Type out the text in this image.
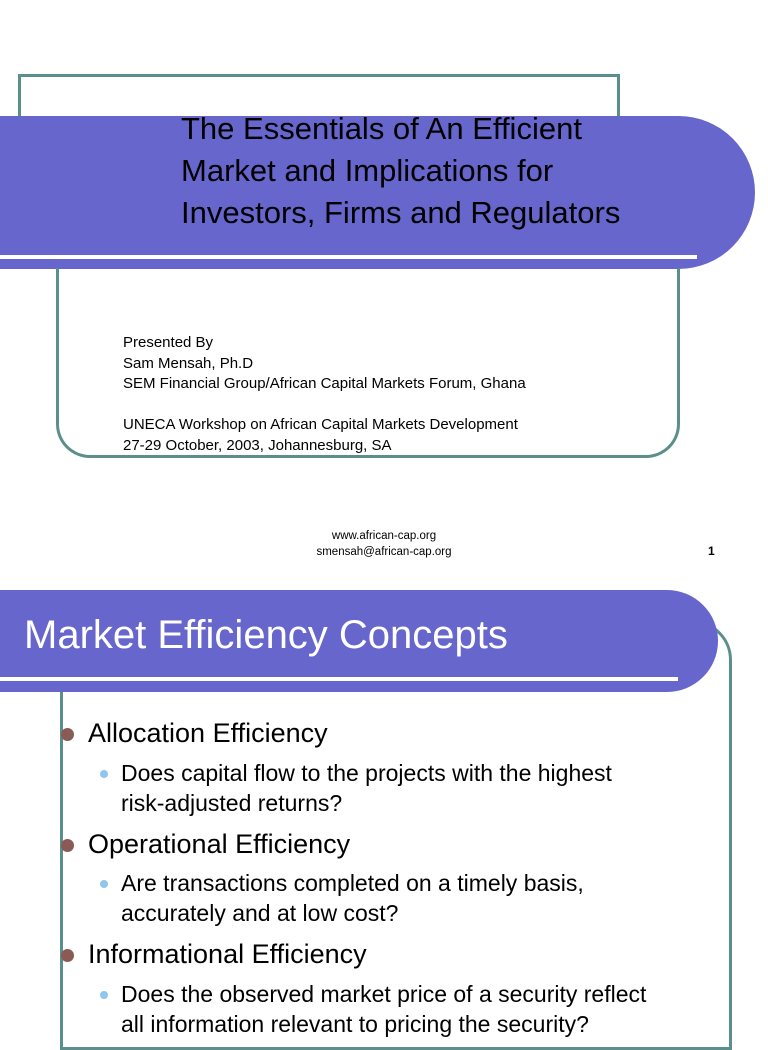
The Essentials of An Efficient
Market and Implications for
Investors, Firms and Regulators
Presented By
Sam Mensah, Ph.D
SEM Financial Group/African Capital Markets Forum, Ghana
UNECA Workshop on African Capital Markets Development
27-29 October, 2003, Johannesburg, SA
www.african-cap.org
smensah@african-cap.org	1
Market Efficiency Concepts
Allocation Efficiency
Does capital flow to the projects with the highest
risk-adjusted returns?
Operational Efficiency
Are transactions completed on a timely basis,
accurately and at low cost?
Informational Efficiency
Does the observed market price of a security reflect
all information relevant to pricing the security?
